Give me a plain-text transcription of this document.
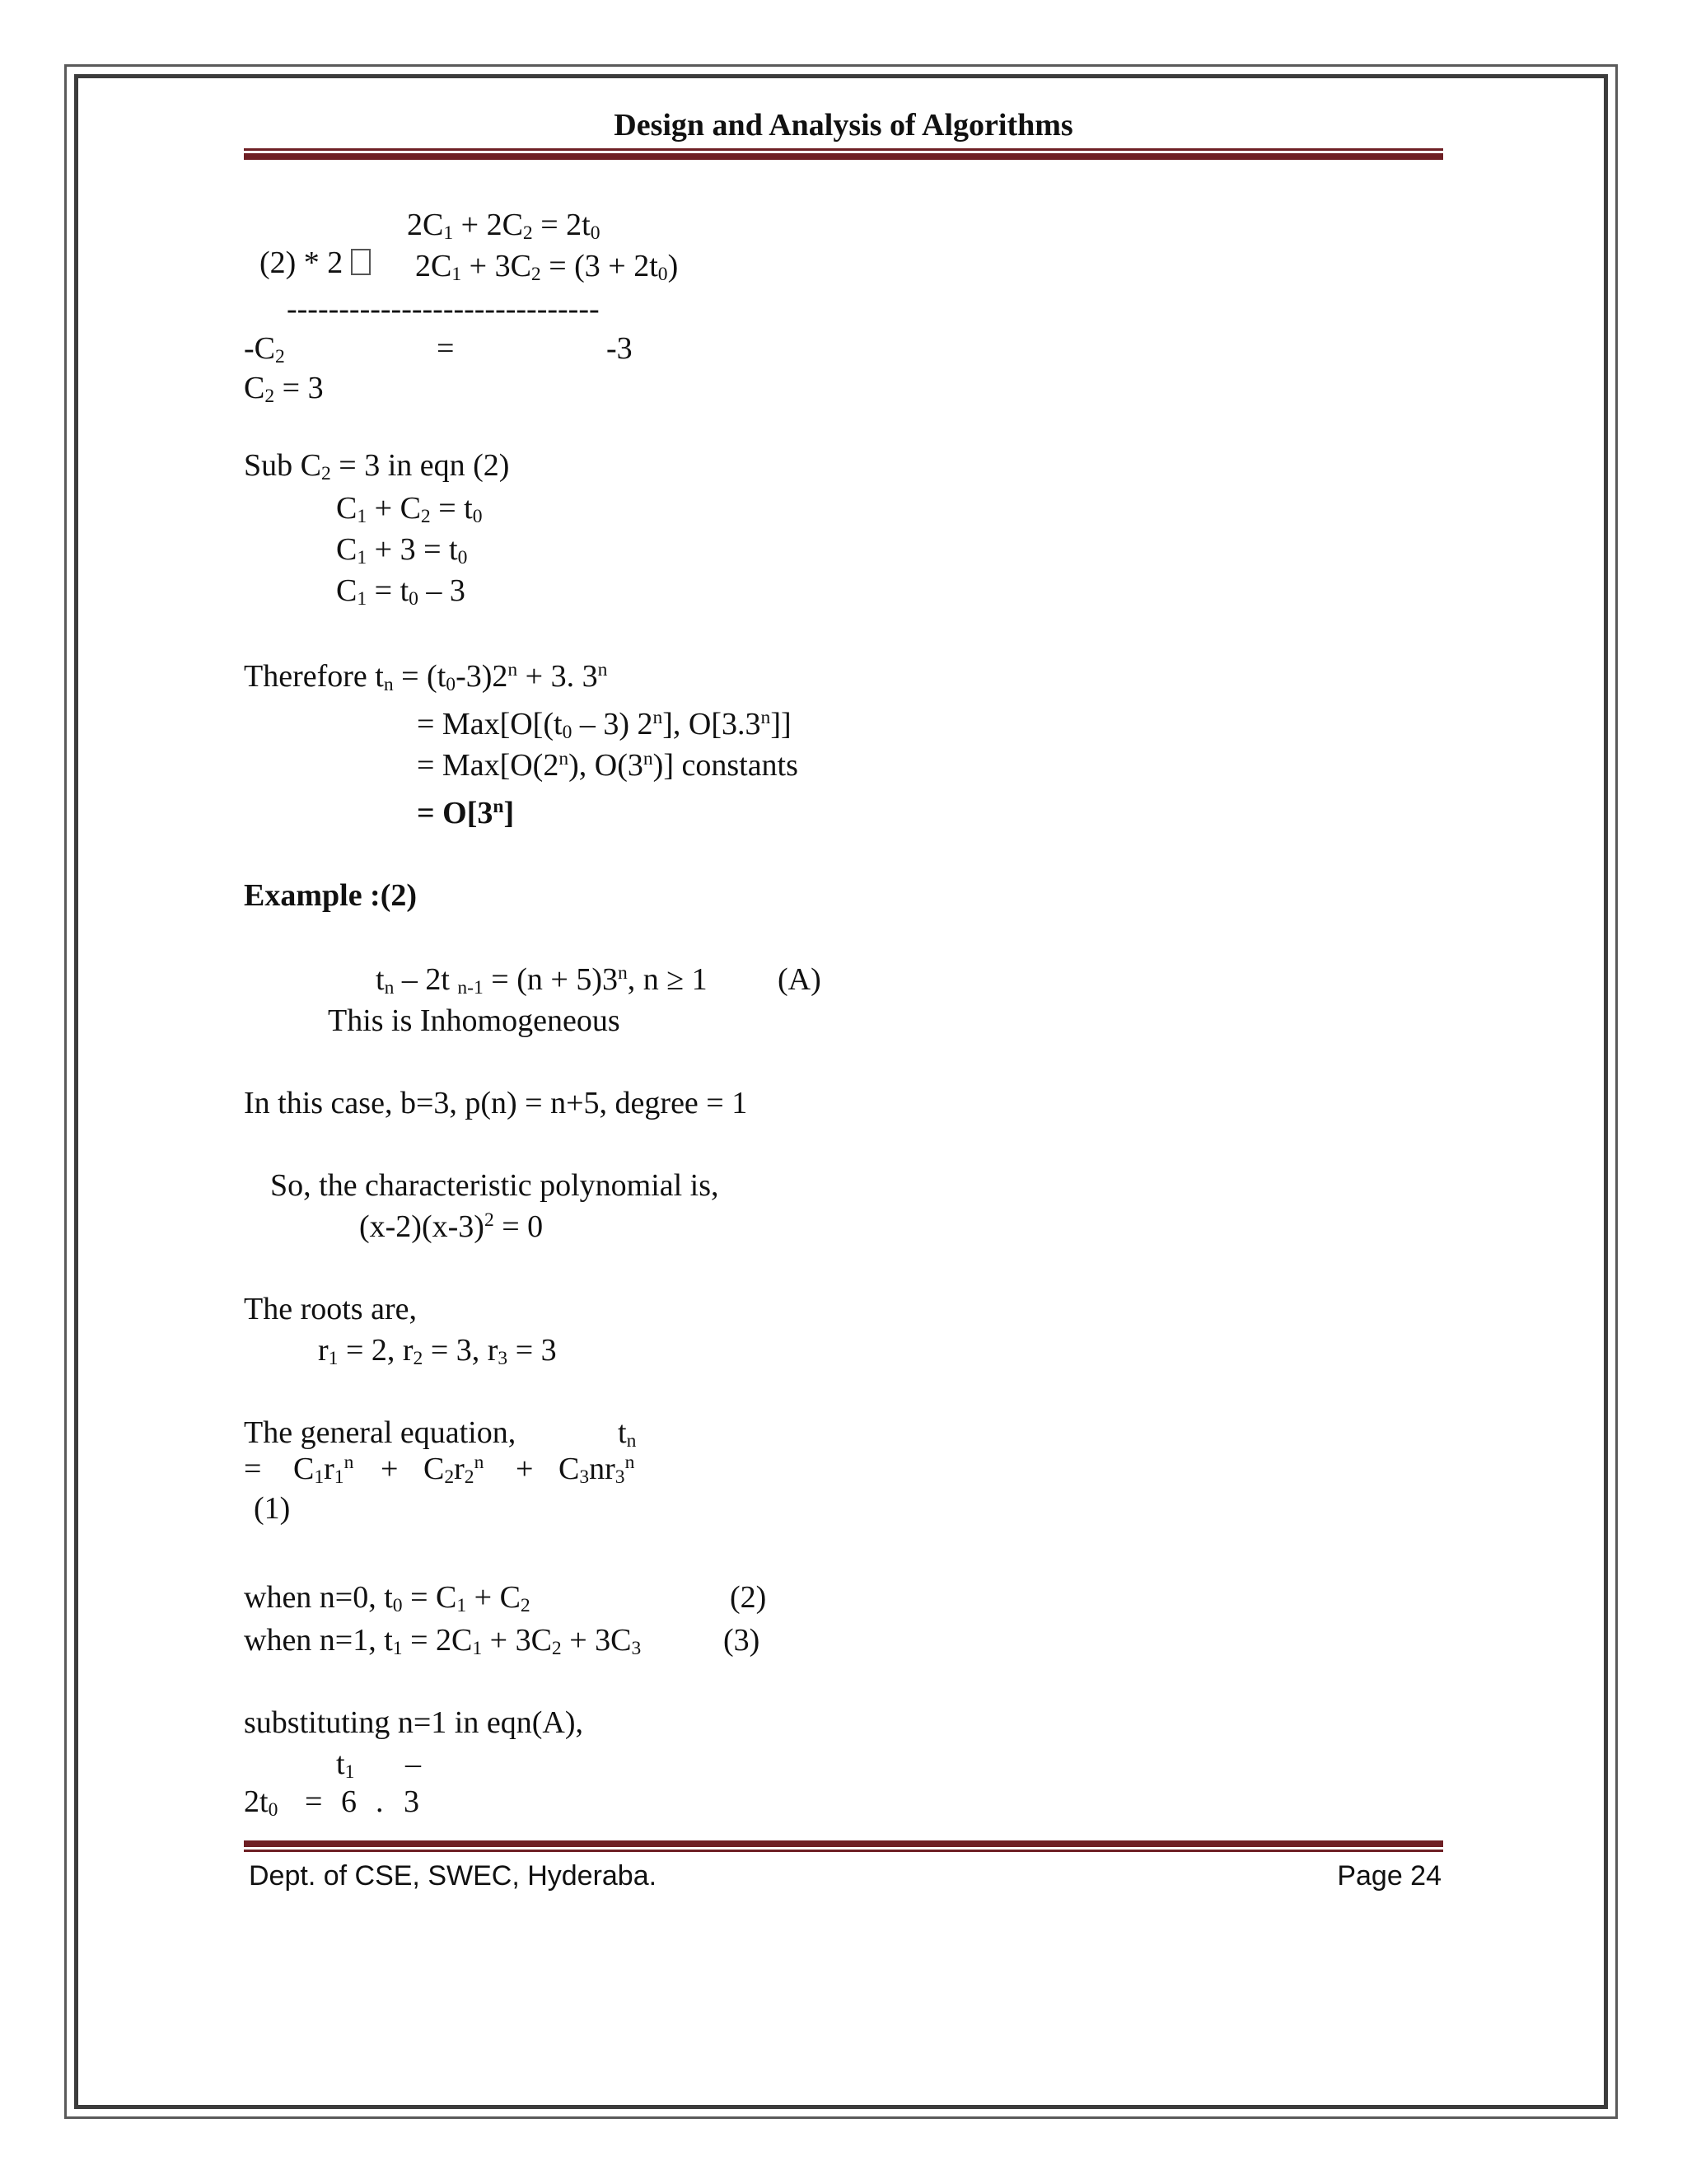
Design and Analysis of Algorithms

(2) * 2

$2C_1 + 2C_2 = 2t_0$
$2C_1 + 3C_2 = (3 + 2t_0)$
------------------------------
$-C_2$	=	-3
$C_2 = 3$
Sub $C_2 = 3$ in eqn (2)
$C_1 + C_2 = t_0$
$C_1 + 3 = t_0$
$C_1 = t_0 - 3$
Therefore $t_n = (t_0-3)2^n + 3$. $3^n$
= $Max[O[(t_0 - 3)$ 2$^n$], $O[3.3^n]$]
= $Max[O(2^n)$, O(3$^n$)] constants
= $O[3^n]$
Example :(2)
$t_n - 2t$ $_{n-1} = (n + 5)3^n$, n ≥ 1 (A)
This is Inhomogeneous
In this case, b=3, p(n) = n+5, degree = 1
So, the characteristic polynomial is,
$(x-2)(x-3)^2 = 0$
The roots are,
$r_1 = 2$, $r_2 = 3$, $r_3 = 3$
The general equation,	$t_n$
= $C_1r_1^n + C_2r_2^n + C_3nr_3^n$
(1)
when n=0, $t_0 = C_1 + C_2$	(2)
when n=1, $t_1 = 2C_1 + 3C_2 + 3C_3$	(3)
substituting n=1 in eqn(A),
$t_1$ –
$2t_0 = 6$ . 3
Dept. of CSE, SWEC, Hyderaba.	Page 24
